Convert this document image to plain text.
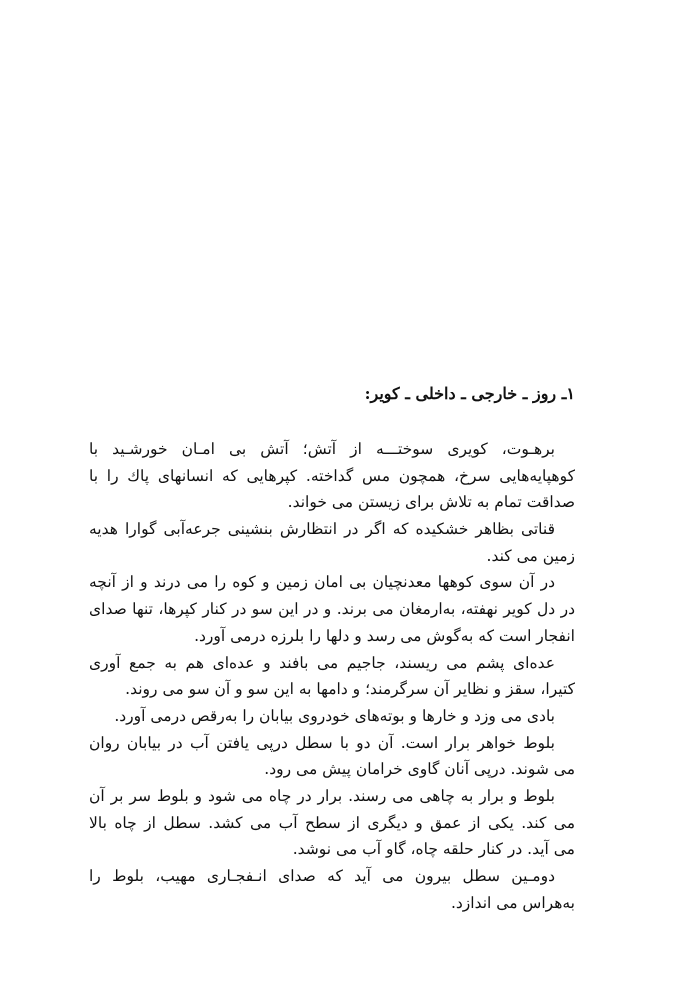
۱ـ روز ـ خارجی ـ داخلی ـ کویر:

برهـوت، کویری سوختـــه از آتش؛ آتش بی امـان خورشـید با
کوهپایه‌هایی سرخ، همچون مس گداخته. کپرهایی که انسانهای پاك را با
صداقت تمام به تلاش برای زیستن می خواند.

قناتی بظاهر خشکیده که اگر در انتظارش بنشینی جرعه‌آبی گوارا هدیه
زمین می کند.

در آن سوی کوهها معدنچیان بی امان زمین و کوه را می درند و از آنچه
در دل کویر نهفته، به‌ارمغان می برند. و در این سو در کنار کپرها، تنها صدای
انفجار است که به‌گوش می رسد و دلها را بلرزه درمی آورد.

عده‌ای پشم می ریسند، جاجیم می بافند و عده‌ای هم به جمع آوری
کتیرا، سقز و نظایر آن سرگرمند؛ و دامها به این سو و آن سو می روند.

بادی می وزد و خارها و بوته‌های خودروی بیابان را به‌رقص درمی آورد.

بلوط خواهر برار است. آن دو با سطل درپی یافتن آب در بیابان روان
می شوند. درپی آنان گاوی خرامان پیش می رود.

بلوط و برار به چاهی می رسند. برار در چاه می شود و بلوط سر بر آن
می کند. یکی از عمق و دیگری از سطح آب می کشد. سطل از چاه بالا
می آید. در کنار حلقه چاه، گاو آب می نوشد.

دومـین سطل بیرون می آید که صدای انـفجـاری مهیب، بلوط را
به‌هراس می اندازد.
